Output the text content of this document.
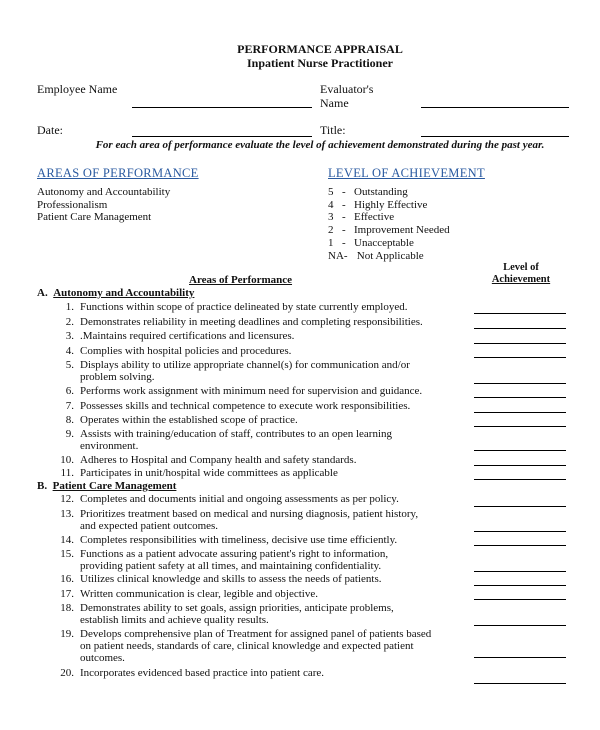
PERFORMANCE APPRAISAL
Inpatient Nurse Practitioner
Employee Name	Evaluator's
Name
Date:	Title:
For each area of performance evaluate the level of achievement demonstrated during the past year.
AREAS OF PERFORMANCE
Autonomy and Accountability
Professionalism
Patient Care Management
LEVEL OF ACHIEVEMENT
5 - Outstanding
4 - Highly Effective
3 - Effective
2 - Improvement Needed
1 - Unacceptable
NA- Not Applicable
Areas of Performance
Level of
Achievement
A. Autonomy and Accountability
1. Functions within scope of practice delineated by state currently employed.
2. Demonstrates reliability in meeting deadlines and completing responsibilities.
3. .Maintains required certifications and licensures.
4. Complies with hospital policies and procedures.
5. Displays ability to utilize appropriate channel(s) for communication and/or
problem solving.
6. Performs work assignment with minimum need for supervision and guidance.
7. Possesses skills and technical competence to execute work responsibilities.
8. Operates within the established scope of practice.
9. Assists with training/education of staff, contributes to an open learning
environment.
10. Adheres to Hospital and Company health and safety standards.
11. Participates in unit/hospital wide committees as applicable
B. Patient Care Management
12. Completes and documents initial and ongoing assessments as per policy.
13. Prioritizes treatment based on medical and nursing diagnosis, patient history,
and expected patient outcomes.
14. Completes responsibilities with timeliness, decisive use time efficiently.
15. Functions as a patient advocate assuring patient's right to information,
providing patient safety at all times, and maintaining confidentiality.
16. Utilizes clinical knowledge and skills to assess the needs of patients.
17. Written communication is clear, legible and objective.
18. Demonstrates ability to set goals, assign priorities, anticipate problems,
establish limits and achieve quality results.
19. Develops comprehensive plan of Treatment for assigned panel of patients based
on patient needs, standards of care, clinical knowledge and expected patient
outcomes.
20. Incorporates evidenced based practice into patient care.
